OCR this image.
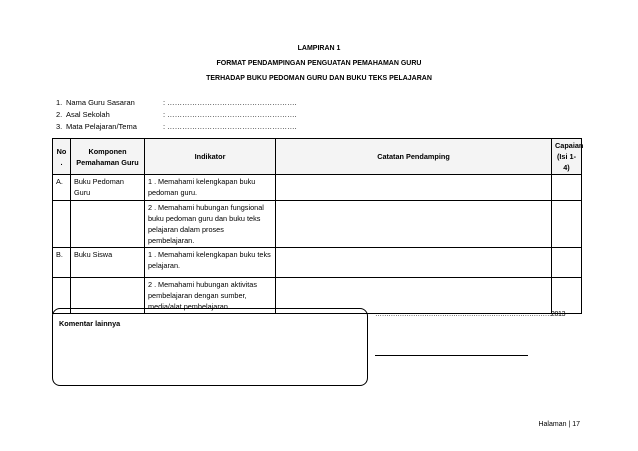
LAMPIRAN 1
FORMAT PENDAMPINGAN PENGUATAN PEMAHAMAN GURU
TERHADAP BUKU PEDOMAN GURU DAN BUKU TEKS PELAJARAN
1. Nama Guru Sasaran	: …………………………………………….
2. Asal Sekolah	: …………………………………………….
3. Mata Pelajaran/Tema	: …………………………………………….
No .	Komponen Pemahaman Guru	Indikator	Catatan Pendamping	Capaian (Isi 1-4)
A.	Buku Pedoman Guru	1 . Memahami kelengkapan buku pedoman guru.		
		2 . Memahami hubungan fungsional buku pedoman guru dan buku teks pelajaran dalam proses pembelajaran.		
B.	Buku Siswa	1 . Memahami kelengkapan buku teks pelajaran.		
		2 . Memahami hubungan aktivitas pembelajaran dengan sumber, media/alat pembelajaran.		
Komentar lainnya
…………………………………………………………………….2013
Halaman | 17
